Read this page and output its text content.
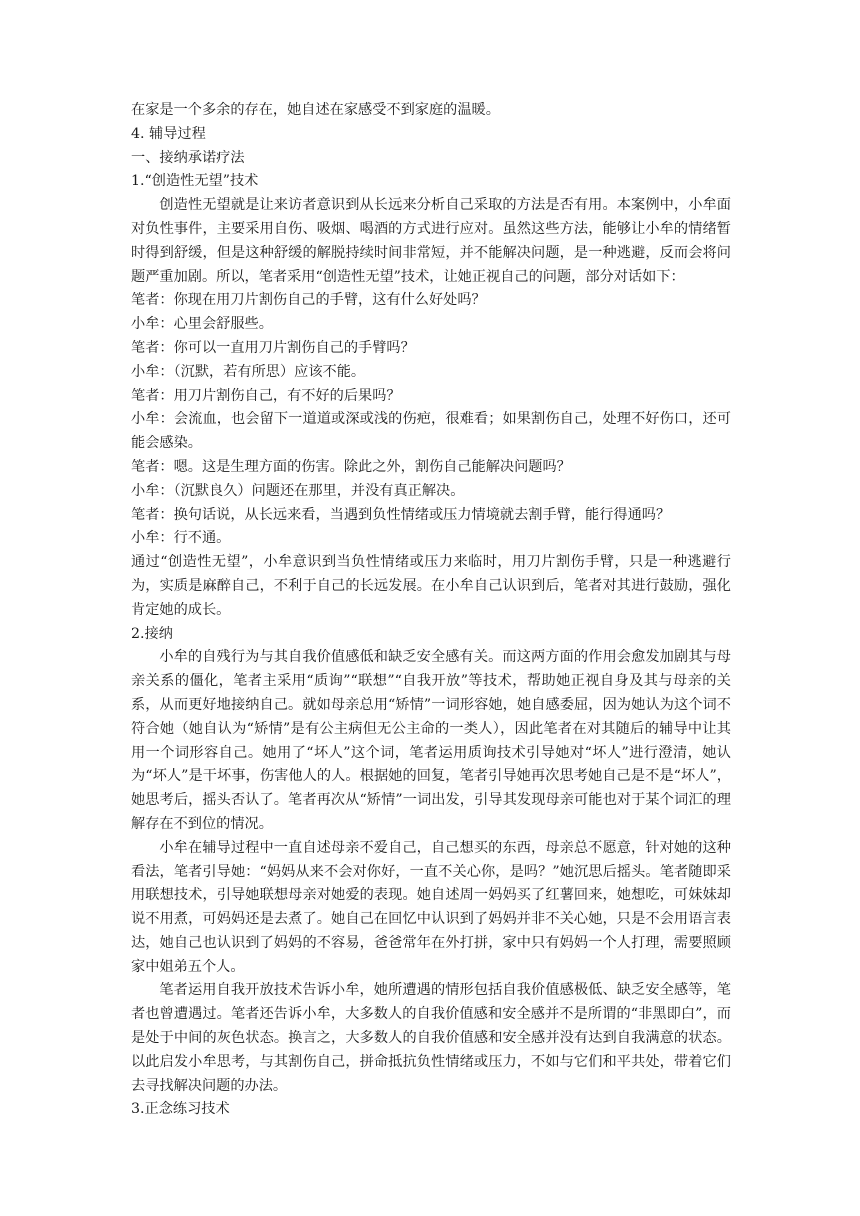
在家是一个多余的存在，她自述在家感受不到家庭的温暖。

4. 辅导过程

一、接纳承诺疗法

1.“创造性无望”技术

创造性无望就是让来访者意识到从长远来分析自己采取的方法是否有用。本案例中，小牟面对负性事件，主要采用自伤、吸烟、喝酒的方式进行应对。虽然这些方法，能够让小牟的情绪暂时得到舒缓，但是这种舒缓的解脱持续时间非常短，并不能解决问题，是一种逃避，反而会将问题严重加剧。所以，笔者采用“创造性无望”技术，让她正视自己的问题，部分对话如下：

笔者：你现在用刀片割伤自己的手臂，这有什么好处吗？

小牟：心里会舒服些。

笔者：你可以一直用刀片割伤自己的手臂吗？

小牟：（沉默，若有所思）应该不能。

笔者：用刀片割伤自己，有不好的后果吗？

小牟：会流血，也会留下一道道或深或浅的伤疤，很难看；如果割伤自己，处理不好伤口，还可能会感染。

笔者：嗯。这是生理方面的伤害。除此之外，割伤自己能解决问题吗？

小牟：（沉默良久）问题还在那里，并没有真正解决。

笔者：换句话说，从长远来看，当遇到负性情绪或压力情境就去割手臂，能行得通吗？

小牟：行不通。

通过“创造性无望”，小牟意识到当负性情绪或压力来临时，用刀片割伤手臂，只是一种逃避行为，实质是麻醉自己，不利于自己的长远发展。在小牟自己认识到后，笔者对其进行鼓励，强化肯定她的成长。

2.接纳

小牟的自残行为与其自我价值感低和缺乏安全感有关。而这两方面的作用会愈发加剧其与母亲关系的僵化，笔者主采用“质询”“联想”“自我开放”等技术，帮助她正视自身及其与母亲的关系，从而更好地接纳自己。就如母亲总用“矫情”一词形容她，她自感委屈，因为她认为这个词不符合她（她自认为“矫情”是有公主病但无公主命的一类人），因此笔者在对其随后的辅导中让其用一个词形容自己。她用了“坏人”这个词，笔者运用质询技术引导她对“坏人”进行澄清，她认为“坏人”是干坏事，伤害他人的人。根据她的回复，笔者引导她再次思考她自己是不是“坏人”，她思考后，摇头否认了。笔者再次从“矫情”一词出发，引导其发现母亲可能也对于某个词汇的理解存在不到位的情况。

小牟在辅导过程中一直自述母亲不爱自己，自己想买的东西，母亲总不愿意，针对她的这种看法，笔者引导她：“妈妈从来不会对你好，一直不关心你，是吗？”她沉思后摇头。笔者随即采用联想技术，引导她联想母亲对她爱的表现。她自述周一妈妈买了红薯回来，她想吃，可妹妹却说不用煮，可妈妈还是去煮了。她自己在回忆中认识到了妈妈并非不关心她，只是不会用语言表达，她自己也认识到了妈妈的不容易，爸爸常年在外打拼，家中只有妈妈一个人打理，需要照顾家中姐弟五个人。

笔者运用自我开放技术告诉小牟，她所遭遇的情形包括自我价值感极低、缺乏安全感等，笔者也曾遭遇过。笔者还告诉小牟，大多数人的自我价值感和安全感并不是所谓的“非黑即白”，而是处于中间的灰色状态。换言之，大多数人的自我价值感和安全感并没有达到自我满意的状态。以此启发小牟思考，与其割伤自己，拼命抵抗负性情绪或压力，不如与它们和平共处，带着它们去寻找解决问题的办法。

3.正念练习技术
